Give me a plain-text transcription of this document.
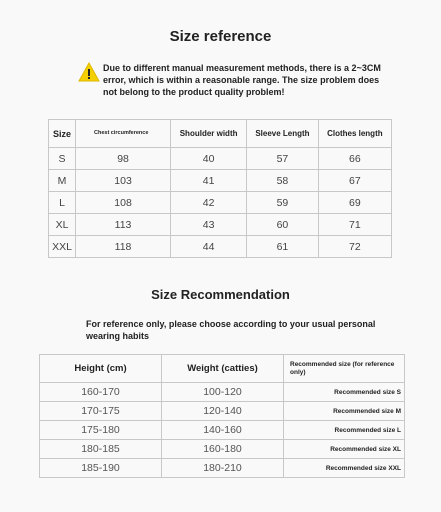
Size reference
Due to different manual measurement methods, there is a 2~3CM error, which is within a reasonable range. The size problem does not belong to the product quality problem!
Size	Chest circumference	Shoulder width	Sleeve Length	Clothes length
S	98	40	57	66
M	103	41	58	67
L	108	42	59	69
XL	113	43	60	71
XXL	118	44	61	72
Size Recommendation
For reference only, please choose according to your usual personal wearing habits
Height (cm)	Weight (catties)	Recommended size (for reference only)
160-170	100-120	Recommended size S
170-175	120-140	Recommended size M
175-180	140-160	Recommended size L
180-185	160-180	Recommended size XL
185-190	180-210	Recommended size XXL
